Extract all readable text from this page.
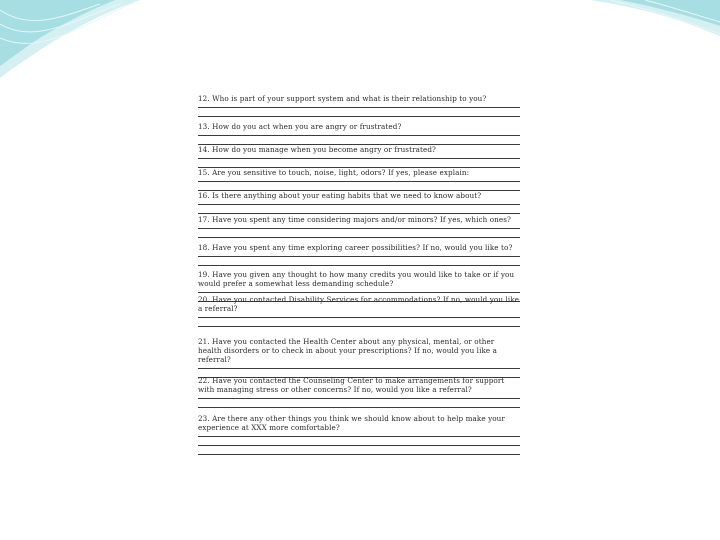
12. Who is part of your support system and what is their relationship to you?
13. How do you act when you are angry or frustrated?
14. How do you manage when you become angry or frustrated?
15. Are you sensitive to touch, noise, light, odors? If yes, please explain:
16. Is there anything about your eating habits that we need to know about?
17. Have you spent any time considering majors and/or minors? If yes, which ones?
18. Have you spent any time exploring career possibilities? If no, would you like to?
19. Have you given any thought to how many credits you would like to take or if you would prefer a somewhat less demanding schedule?
20. Have you contacted Disability Services for accommodations? If no, would you like a referral?
21. Have you contacted the Health Center about any physical, mental, or other health disorders or to check in about your prescriptions? If no, would you like a referral?
22. Have you contacted the Counseling Center to make arrangements for support with managing stress or other concerns? If no, would you like a referral?
23. Are there any other things you think we should know about to help make your experience at XXX more comfortable?
